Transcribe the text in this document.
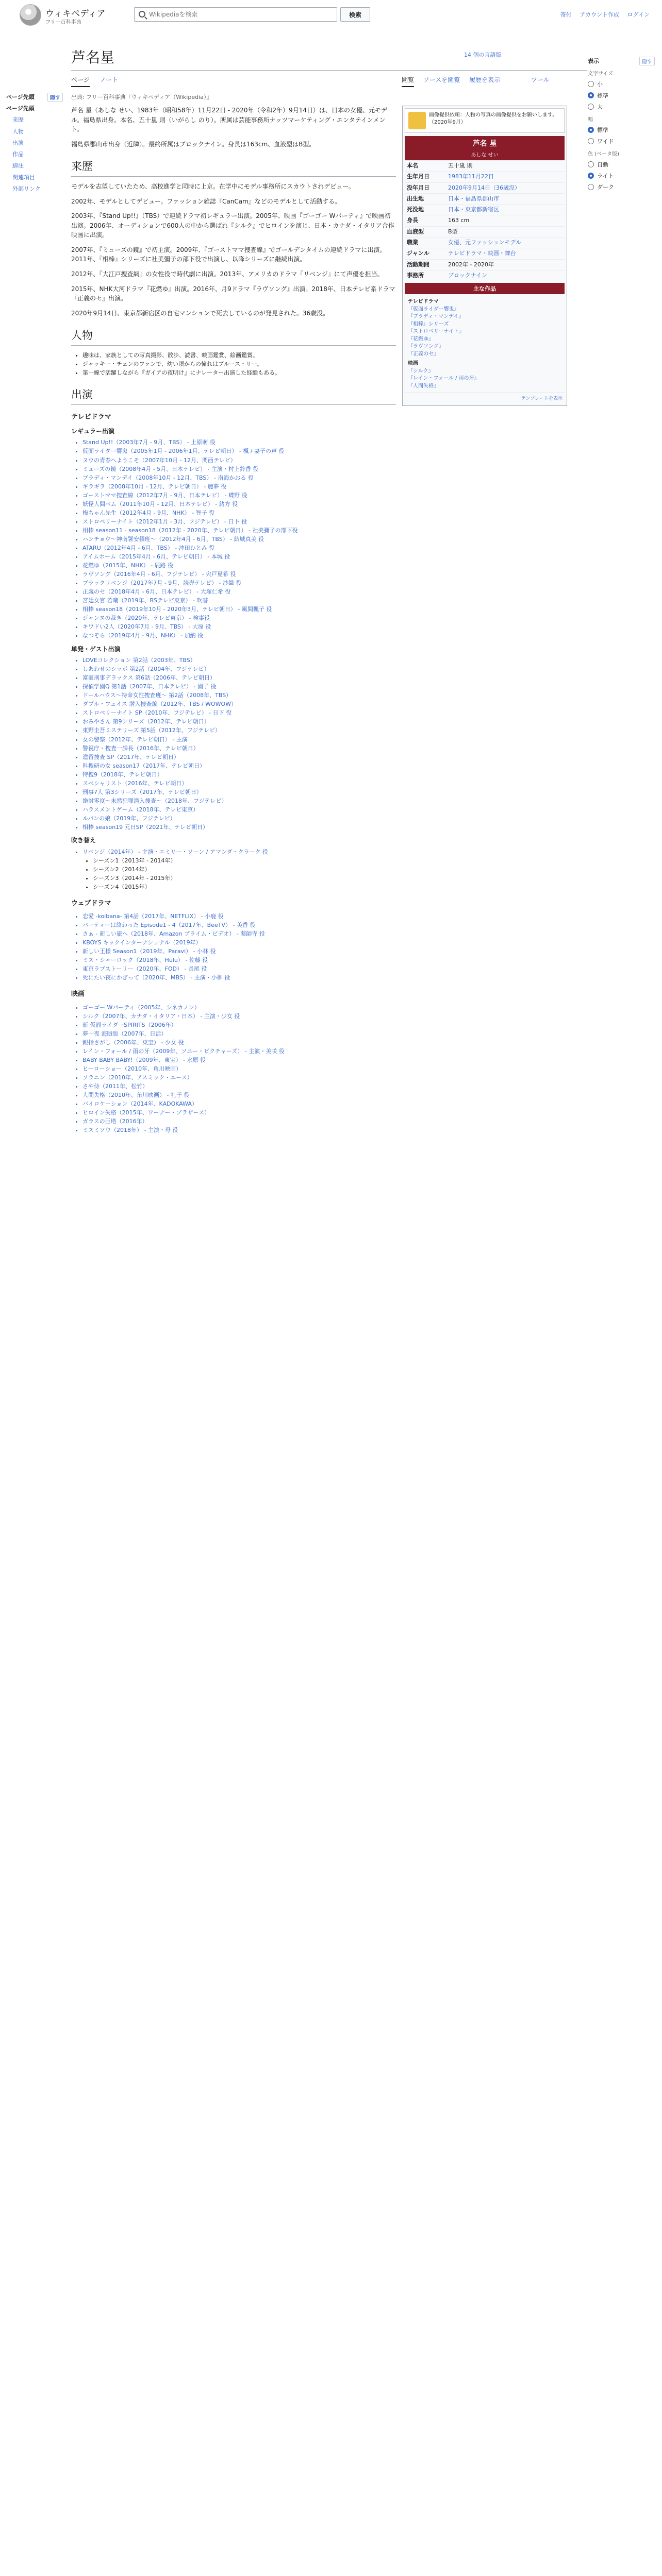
ウィキペディア
フリー百科事典
Wikipediaを検索
検索	寄付 アカウント作成 ログイン
ページ先頭	隠す
ページ先頭
来歴
人物
出演
作品
脚注
関連項目
外部リンク
芦名星	14 個の言語版
ページ ノート	閲覧 ソースを閲覧 履歴を表示	ツール
出典: フリー百科事典『ウィキペディア（Wikipedia）』

芦名 星（あしな せい、1983年（昭和58年）11月22日 - 2020年（令和2年）9月14日）は、日本の女優、元モデル。福島県出身。本名、五十嵐 則（いがらし のり）。所属は芸能事務所ナッツマーケティング・エンタテインメント。

福島県郡山市出身（近隣）。最終所属はブロックナイン。身長は163cm、血液型はB型。

来歴

モデルを志望していたため、高校進学と同時に上京。在学中にモデル事務所にスカウトされデビュー。

2002年、モデルとしてデビュー。ファッション雑誌『CanCam』などのモデルとして活動する。

2003年、『Stand Up!!』（TBS）で連続ドラマ初レギュラー出演。2005年、映画『ゴーゴー Wパーティ』で映画初出演。2006年、オーディションで600人の中から選ばれ『シルク』でヒロインを演じ、日本・カナダ・イタリア合作映画に出演。

2007年、『ミューズの鏡』で初主演。2009年、『ゴーストママ捜査線』でゴールデンタイムの連続ドラマに出演。2011年、『相棒』シリーズに社美彌子の部下役で出演し、以降シリーズに継続出演。

2012年、『大江戸捜査網』の女性役で時代劇に出演。2013年、アメリカのドラマ『リベンジ』にて声優を担当。

2015年、NHK大河ドラマ『花燃ゆ』出演。2016年、月9ドラマ『ラヴソング』出演。2018年、日本テレビ系ドラマ『正義のセ』出演。

2020年9月14日、東京都新宿区の自宅マンションで死去しているのが発見された。36歳没。

人物
• 趣味は、家族としての写真撮影、散歩、読書、映画鑑賞、絵画鑑賞。
• ジャッキー・チェンのファンで、幼い頃からの憧れはブルース・リー。
• 第一線で活躍しながら『ガイアの夜明け』にナレーター出演した経験もある。
出演
テレビドラマ
レギュラー出演
• Stand Up!!（2003年7月 - 9月、TBS） - 上原萌 役
• 仮面ライダー響鬼（2005年1月 - 2006年1月、テレビ朝日） - 楓 / 妻子の声 役
• ヌウの青春へようこそ（2007年10月 - 12月、関西テレビ）
• ミューズの鏡（2008年4月 - 5月、日本テレビ） - 主演・村上鈴香 役
• ブラディ・マンデイ（2008年10月 - 12月、TBS） - 南海かおる 役
• ギラギラ（2008年10月 - 12月、テレビ朝日） - 麗夢 役
• ゴーストママ捜査線（2012年7月 - 9月、日本テレビ） - 蝶野 役
• 妖怪人間ベム（2011年10月 - 12月、日本テレビ） - 緒方 役
• 梅ちゃん先生（2012年4月 - 9月、NHK） - 智子 役
• ストロベリーナイト（2012年1月 - 3月、フジテレビ） - 日下 役
• 相棒 season11 - season18（2012年 - 2020年、テレビ朝日） - 社美彌子の部下役
• ハンチョウ〜神南署安積班〜（2012年4月 - 6月、TBS） - 結城真美 役
• ATARU（2012年4月 - 6月、TBS） - 沖田ひとみ 役
• アイムホーム（2015年4月 - 6月、テレビ朝日） - 本城 役
• 花燃ゆ（2015年、NHK） - 辰路 役
• ラヴソング（2016年4月 - 6月、フジテレビ） - 宍戸夏希 役
• ブラックリベンジ（2017年7月 - 9月、読売テレビ） - 沙織 役
• 正義のセ（2018年4月 - 6月、日本テレビ） - 大塚仁希 役
• 宮廷女官 若曦（2019年、BSテレビ東京） - 吹替
• 相棒 season18（2019年10月 - 2020年3月、テレビ朝日） - 風間楓子 役
• ジャンヌの裁き（2020年、テレビ東京） - 検事役
• キワドい2人（2020年7月 - 9月、TBS） - 大原 役
• なつぞら（2019年4月 - 9月、NHK） - 加納 役
単発・ゲスト出演
• LOVEコレクション 第2話（2003年、TBS）
• しあわせのシッポ 第2話（2004年、フジテレビ）
• 富豪刑事デラックス 第6話（2006年、テレビ朝日）
• 探偵学園Q 第1話（2007年、日本テレビ） - 園子 役
• ドールハウス〜特命女性捜査班〜 第2話（2008年、TBS）
• ダブル・フェイス 潜入捜査編（2012年、TBS / WOWOW）
• ストロベリーナイト SP（2010年、フジテレビ） - 日下 役
• おみやさん 第9シリーズ（2012年、テレビ朝日）
• 東野圭吾ミステリーズ 第5話（2012年、フジテレビ）
• 女の警察（2012年、テレビ朝日） - 主演
• 警視庁・捜査一課長（2016年、テレビ朝日）
• 遺留捜査 SP（2017年、テレビ朝日）
• 科捜研の女 season17（2017年、テレビ朝日）
• 特捜9（2018年、テレビ朝日）
• スペシャリスト（2016年、テレビ朝日）
• 刑事7人 第3シリーズ（2017年、テレビ朝日）
• 絶対零度〜未然犯罪潜入捜査〜（2018年、フジテレビ）
• ハラスメントゲーム（2018年、テレビ東京）
• ルパンの娘（2019年、フジテレビ）
• 相棒 season19 元日SP（2021年、テレビ朝日）
吹き替え
• リベンジ（2014年） - 主演・エミリー・ソーン / アマンダ・クラーク 役
• シーズン1（2013年 - 2014年）
• シーズン2（2014年）
• シーズン3（2014年 - 2015年）
• シーズン4（2015年）
ウェブドラマ
• 恋愛 -koibana- 第4話（2017年、NETFLIX） - 小鹿 役
• パーティーは終わった Episode1 - 4（2017年、BeeTV） - 美香 役
• さぁ - 新しい旅へ（2018年、Amazon プライム・ビデオ） - 薬師寺 役
• KBOYS キックインターナショナル（2019年）
• 新しい王様 Season1（2019年、Paravi） - 小林 役
• ミス・シャーロック（2018年、Hulu） - 佐藤 役
• 東京ラブストーリー（2020年、FOD） - 長尾 役
• 死にたい夜にかぎって（2020年、MBS） - 主演・小柳 役
映画
• ゴーゴー Wパーティ（2005年、シネカノン）
• シルク（2007年、カナダ・イタリア・日本） - 主演・少女 役
• 新 仮面ライダーSPIRITS（2006年）
• 夢十夜 海賊版（2007年、日活）
• 親指さがし（2006年、東宝） - 少女 役
• レイン・フォール / 雨の牙（2009年、ソニー・ピクチャーズ） - 主演・美咲 役
• BABY BABY BABY!（2009年、東宝） - 水原 役
• ヒーローショー（2010年、角川映画）
• ソラニン（2010年、アスミック・エース）
• さや侍（2011年、松竹）
• 人間失格（2010年、角川映画） - 礼子 役
• バイロケーション（2014年、KADOKAWA）
• ヒロイン失格（2015年、ワーナー・ブラザース）
• ガラスの巨塔（2016年）
• ミスミソウ（2018年） - 主演・母 役
画像提供依頼：人物の写真の画像提供をお願いします。（2020年9月）
芦名 星
あしな せい
本名	五十嵐 則
生年月日	1983年11月22日
没年月日	2020年9月14日（36歳没）
出生地	日本・福島県郡山市
死没地	日本・東京都新宿区
身長	163 cm
血液型	B型
職業	女優、元ファッションモデル
ジャンル	テレビドラマ・映画・舞台
活動期間	2002年 - 2020年
事務所	ブロックナイン
主な作品
テレビドラマ
『仮面ライダー響鬼』
『ブラディ・マンデイ』
『相棒』シリーズ
『ストロベリーナイト』
『花燃ゆ』
『ラヴソング』
『正義のセ』
映画
『シルク』
『レイン・フォール / 雨の牙』
『人間失格』
テンプレートを表示
表示	隠す
文字サイズ
小
標準
大
幅
標準
ワイド
色 (ベータ版)
自動
ライト
ダーク
